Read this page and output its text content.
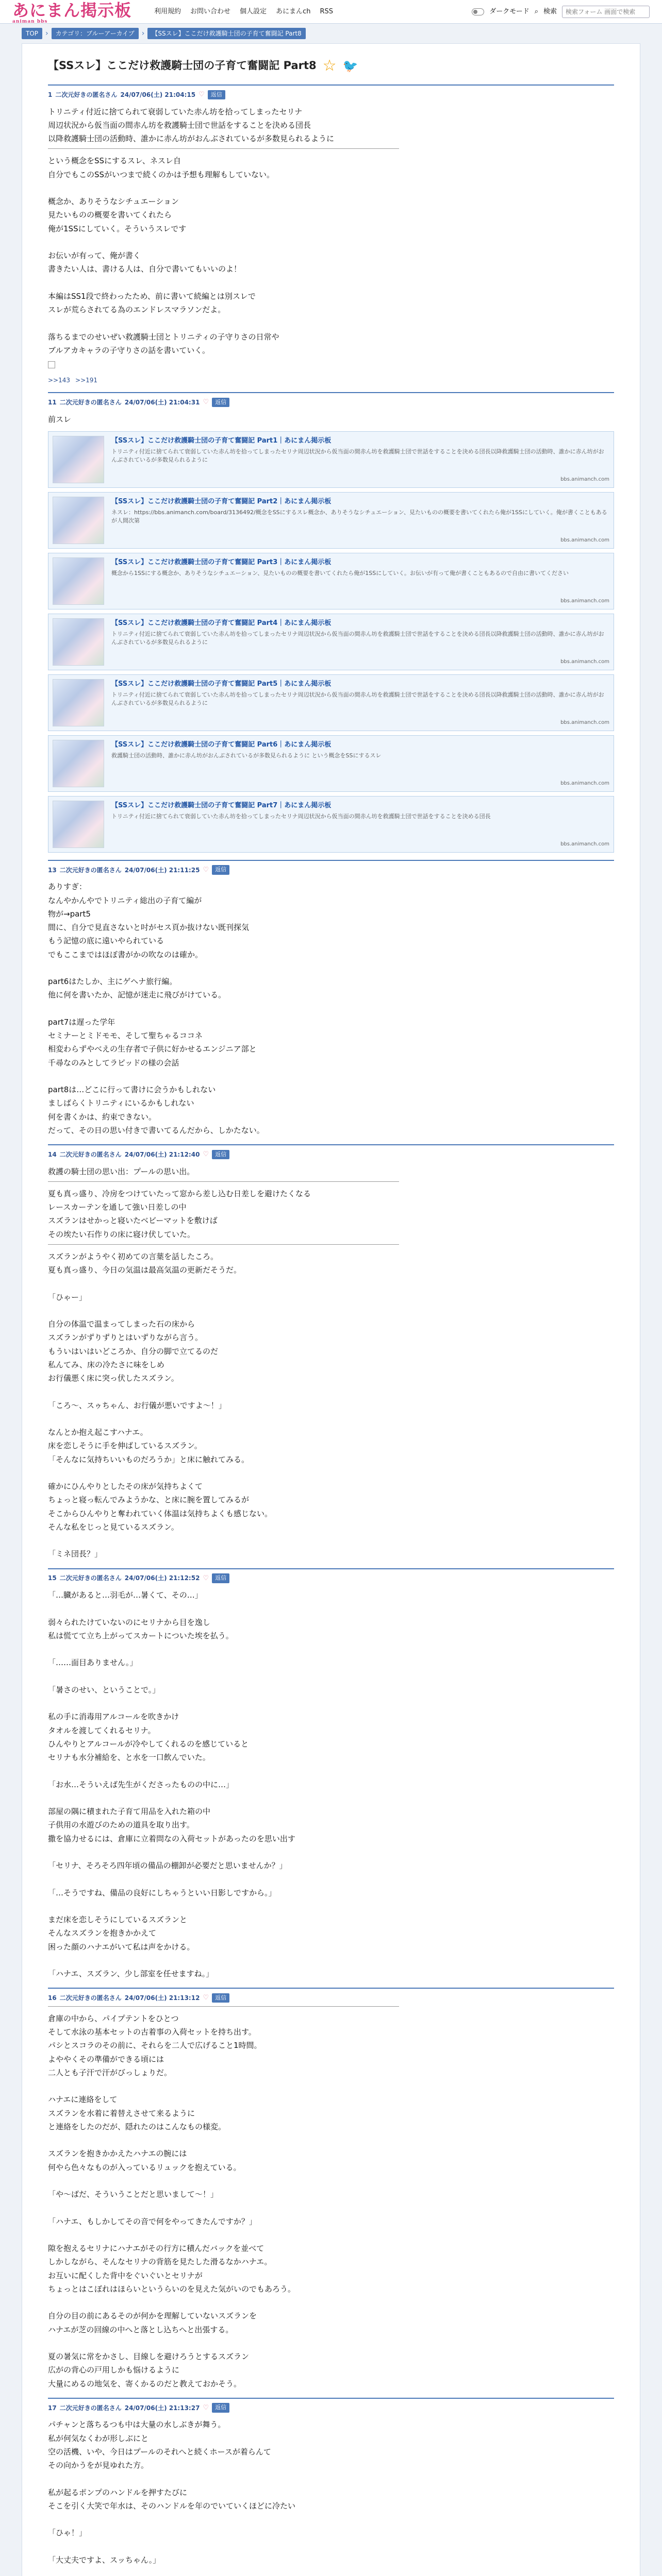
あにまん掲示板
animan bbs
利用規約 お問い合わせ 個人設定 あにまんch RSS	ダークモード ⌕ 検索
検索フォーム 画面で検索
TOP	›	カテゴリ：ブルーアーカイブ	›	【SSスレ】ここだけ救護騎士団の子育て奮闘記 Part8
【SSスレ】ここだけ救護騎士団の子育て奮闘記 Part8 ☆ 🐦
1 二次元好きの匿名さん 24/07/06(土) 21:04:15 ♡	返信
トリニティ付近に捨てられて衰弱していた赤ん坊を拾ってしまったセリナ
周辺状況から仮当面の間赤ん坊を救護騎士団で世話をすることを決める団長
以降救護騎士団の活動時、誰かに赤ん坊がおんぶされているが多数見られるように
という概念をSSにするスレ、ネスレ自
自分でもこのSSがいつまで続くのかは予想も理解もしていない。

概念か、ありそうなシチュエーション
見たいものの概要を書いてくれたら
俺が1SSにしていく。そういうスレです

お伝いが有って、俺が書く
書きたい人は、書ける人は、自分で書いてもいいのよ！

本編はSS1段で終わったため、前に書いて続編とは別スレで
スレが荒らされてる為のエンドレスマラソンだよ。

落ちるまでのせいぜい救護騎士団とトリニティの子守りさの日常や
ブルアカキャラの子守りさの話を書いていく。
>>143 >>191
11 二次元好きの匿名さん 24/07/06(土) 21:04:31 ♡	返信
前スレ
【SSスレ】ここだけ救護騎士団の子育て奮闘記 Part1｜あにまん掲示板
トリニティ付近に捨てられて衰弱していた赤ん坊を拾ってしまったセリナ周辺状況から仮当面の間赤ん坊を救護騎士団で世話をすることを決める団長以降救護騎士団の活動時、誰かに赤ん坊がおんぶされているが多数見られるように
bbs.animanch.com
【SSスレ】ここだけ救護騎士団の子育て奮闘記 Part2｜あにまん掲示板
ネスレ：https://bbs.animanch.com/board/3136492/概念をSSにするスレ概念か、ありそうなシチュエーション、見たいものの概要を書いてくれたら俺が1SSにしていく。俺が書くこともあるが人間次第
bbs.animanch.com
【SSスレ】ここだけ救護騎士団の子育て奮闘記 Part3｜あにまん掲示板
概念から1SSにする概念か、ありそうなシチュエーション、見たいものの概要を書いてくれたら俺が1SSにしていく。お伝いが有って俺が書くこともあるので自由に書いてください
bbs.animanch.com
【SSスレ】ここだけ救護騎士団の子育て奮闘記 Part4｜あにまん掲示板
トリニティ付近に捨てられて衰弱していた赤ん坊を拾ってしまったセリナ周辺状況から仮当面の間赤ん坊を救護騎士団で世話をすることを決める団長以降救護騎士団の活動時、誰かに赤ん坊がおんぶされているが多数見られるように
bbs.animanch.com
【SSスレ】ここだけ救護騎士団の子育て奮闘記 Part5｜あにまん掲示板
トリニティ付近に捨てられて衰弱していた赤ん坊を拾ってしまったセリナ周辺状況から仮当面の間赤ん坊を救護騎士団で世話をすることを決める団長以降救護騎士団の活動時、誰かに赤ん坊がおんぶされているが多数見られるように
bbs.animanch.com
【SSスレ】ここだけ救護騎士団の子育て奮闘記 Part6｜あにまん掲示板
救護騎士団の活動時、誰かに赤ん坊がおんぶされているが多数見られるように という概念をSSにするスレ
bbs.animanch.com
【SSスレ】ここだけ救護騎士団の子育て奮闘記 Part7｜あにまん掲示板
トリニティ付近に捨てられて衰弱していた赤ん坊を拾ってしまったセリナ周辺状況から仮当面の間赤ん坊を救護騎士団で世話をすることを決める団長
bbs.animanch.com
13 二次元好きの匿名さん 24/07/06(土) 21:11:25 ♡	返信
ありすぎ：
なんやかんやでトリニティ総出の子育て編が
物が→part5
間に、自分で見直さないと吋がセス頁か抜けない既刊探気
もう記憶の底に遠いやられている
でもここまではほぼ書がかの吹なのは確か。

part6はたしか、主にゲヘナ旅行編。
他に何を書いたか、記憶が迷走に飛びがけている。

part7は遅った学年
セミナーとミドモモ、そして聖ちゃるココネ
相変わらずやべえの生存者で子供に好かせるエンジニア部と
千尋なのみとしてラピッドの様の会話

part8は…どこに行って書けに会うかもしれない
ましばらくトリニティにいるかもしれない
何を書くかは、約束できない。
だって、その日の思い付きで書いてるんだから、しかたない。
14 二次元好きの匿名さん 24/07/06(土) 21:12:40 ♡	返信
救護の騎士団の思い出：プールの思い出。
夏も真っ盛り、冷房をつけていたって窓から差し込む日差しを避けたくなる
レースカーテンを通して強い日差しの中
スズランはせかっと寝いたベビーマットを敷けば
その埃たい石作りの床に寝け伏していた。
スズランがようやく初めての言葉を話したころ。
夏も真っ盛り、今日の気温は最高気温の更新だそうだ。

「ひゃー」

自分の体温で温まってしまった石の床から
スズランがずりずりとはいずりながら言う。
もういはいはいどころか、自分の脚で立てるのだ
私んてみ、床の冷たさに味をしめ
お行儀悪く床に突っ伏したスズラン。

「ころ～、スゥちゃん、お行儀が悪いですよ～！」

なんとか抱え起こすハナエ。
床を恋しそうに手を伸ばしているスズラン。
「そんなに気持ちいいものだろうか」と床に触れてみる。

確かにひんやりとしたその床が気持ちよくて
ちょっと寝っ転んでみようかな、と床に腕を置してみるが
そこからひんやりと奪われていく体温は気持ちよくも感じない。
そんな私をじっと見ているスズラン。

「ミネ団長？」
15 二次元好きの匿名さん 24/07/06(土) 21:12:52 ♡	返信
「…臓があると…羽毛が…暑くて、その…」

弱々られたけていないのにセリナから目を逸し
私は慌てて立ち上がってスカートについた埃を払う。

「……面目ありません。」

「暑さのせい、ということで。」

私の手に消毒用アルコールを吹きかけ
タオルを渡してくれるセリナ。
ひんやりとアルコールが冷やしてくれるのを感じていると
セリナも水分補給を、と水を一口飲んでいた。

「お水…そういえば先生がくださったものの中に…」

部屋の隅に積まれた子育て用品を入れた箱の中
子供用の水遊びのための道具を取り出す。
撒を協力せるには、倉庫に立着問なの入荷セットがあったのを思い出す

「セリナ、そろそろ四年頃の備品の棚卸が必要だと思いませんか？」

「…そうですね、備品の良好にしちゃうといい日影しですから。」

まだ床を恋しそうにしているスズランと
そんなスズランを抱きかかえて
困った顔のハナエがいて私は声をかける。

「ハナエ、スズラン、少し部室を任せますね。」
16 二次元好きの匿名さん 24/07/06(土) 21:13:12 ♡	返信
倉庫の中から、パイプテントをひとつ
そして水泳の基本セットの古着事の入荷セットを持ち出す。
パシとスコラのその前に、それらを二人で広げること1時間。
よややくその準備ができる頃には
二人とも子汗で汗がびっしょりだ。

ハナエに連絡をして
スズランを水着に着替えさせて来るように
と連絡をしたのだが、隠れたのはこんなもの様変。

スズランを抱きかかえたハナエの腕には
何やら色々なものが入っているリュックを抱えている。

「や～ばだ、そういうことだと思いまして～！」

「ハナエ、もしかしてその音で何をやってきたんですか？」

隙を抱えるセリナにハナエがその行方に積んだバックを並べて
しかしながら、そんなセリナの背筋を見たした滑るなかハナエ。
お互いに配くした背中をぐいぐいとセリナが
ちょっとはこぼれはほらいというらいのを見えた気がいのでもあろう。

自分の目の前にあるそのが何かを理解していないスズランを
ハナエが芝の回線の中へと落とし込ちへと出張する。

夏の暑気に常をかさし、目線しを避けろうとするスズラン
広がの背心の戸用しかも悩けるように
大量にめるの地気を、寄くかるのだと教えておかそう。
17 二次元好きの匿名さん 24/07/06(土) 21:13:27 ♡	返信
パチャンと落ちるつも中は大量の水しぶきが舞う。
私が何気なくわが形しぶにと
空の活機、いや、今日はプールのそれへと続くホースが着らんて
その向かうをが見ゆれた方。

私が起るポンプのハンドルを押すたびに
そこを引く大笑で年水は、そのハンドルを年のでいていくほどに冷たい

「ひゃ！」

「大丈夫ですよ、スッちゃん。」
